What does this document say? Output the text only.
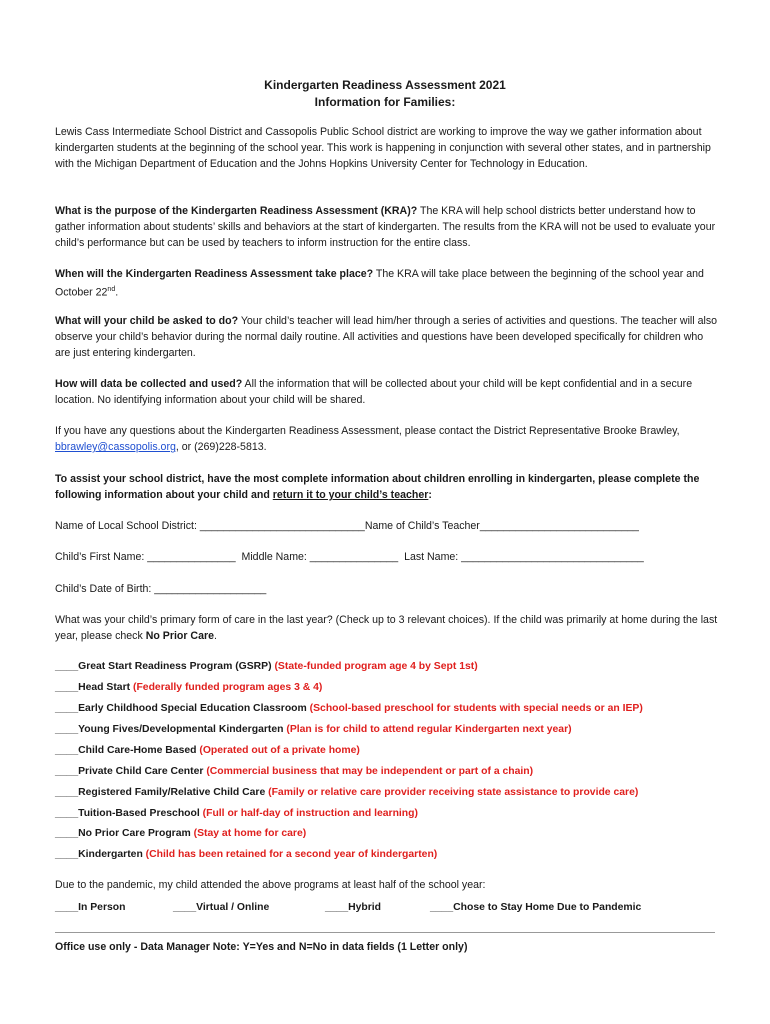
Kindergarten Readiness Assessment 2021
Information for Families:

Lewis Cass Intermediate School District and Cassopolis Public School district are working to improve the way we gather information about kindergarten students at the beginning of the school year. This work is happening in conjunction with several other states, and in partnership with the Michigan Department of Education and the Johns Hopkins University Center for Technology in Education.

What is the purpose of the Kindergarten Readiness Assessment (KRA)? The KRA will help school districts better understand how to gather information about students’ skills and behaviors at the start of kindergarten. The results from the KRA will not be used to evaluate your child’s performance but can be used by teachers to inform instruction for the entire class.

When will the Kindergarten Readiness Assessment take place? The KRA will take place between the beginning of the school year and October 22nd.

What will your child be asked to do? Your child’s teacher will lead him/her through a series of activities and questions. The teacher will also observe your child’s behavior during the normal daily routine. All activities and questions have been developed specifically for children who are just entering kindergarten.

How will data be collected and used? All the information that will be collected about your child will be kept confidential and in a secure location. No identifying information about your child will be shared.

If you have any questions about the Kindergarten Readiness Assessment, please contact the District Representative Brooke Brawley, bbrawley@cassopolis.org, or (269)228-5813.

To assist your school district, have the most complete information about children enrolling in kindergarten, please complete the following information about your child and return it to your child’s teacher:

Name of Local School District: ____________________________Name of Child’s Teacher___________________________
Child’s First Name: _______________ Middle Name: _______________ Last Name: _______________________________
Child’s Date of Birth: ___________________

What was your child’s primary form of care in the last year? (Check up to 3 relevant choices). If the child was primarily at home during the last year, please check No Prior Care.

____Great Start Readiness Program (GSRP) (State-funded program age 4 by Sept 1st)
____Head Start (Federally funded program ages 3 & 4)
____Early Childhood Special Education Classroom (School-based preschool for students with special needs or an IEP)
____Young Fives/Developmental Kindergarten (Plan is for child to attend regular Kindergarten next year)
____Child Care-Home Based (Operated out of a private home)
____Private Child Care Center (Commercial business that may be independent or part of a chain)
____Registered Family/Relative Child Care (Family or relative care provider receiving state assistance to provide care)
____Tuition-Based Preschool (Full or half-day of instruction and learning)
____No Prior Care Program (Stay at home for care)
____Kindergarten (Child has been retained for a second year of kindergarten)
Due to the pandemic, my child attended the above programs at least half of the school year:
____In Person	____Virtual / Online	____Hybrid	____Chose to Stay Home Due to Pandemic
Office use only - Data Manager Note: Y=Yes and N=No in data fields (1 Letter only)
